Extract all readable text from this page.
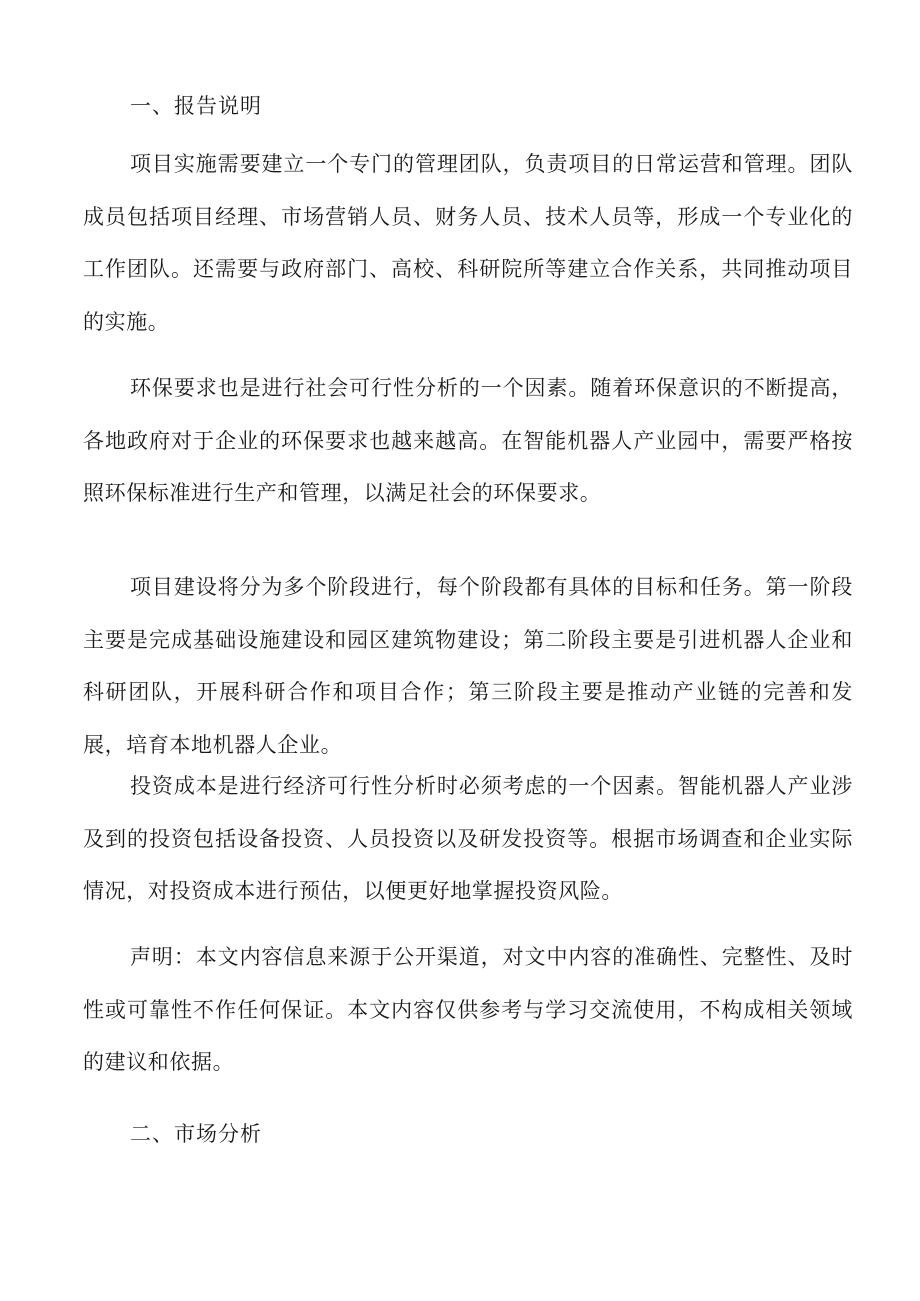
一、报告说明
项目实施需要建立一个专门的管理团队，负责项目的日常运营和管理。团队成员包括项目经理、市场营销人员、财务人员、技术人员等，形成一个专业化的工作团队。还需要与政府部门、高校、科研院所等建立合作关系，共同推动项目的实施。
环保要求也是进行社会可行性分析的一个因素。随着环保意识的不断提高，各地政府对于企业的环保要求也越来越高。在智能机器人产业园中，需要严格按照环保标准进行生产和管理，以满足社会的环保要求。
项目建设将分为多个阶段进行，每个阶段都有具体的目标和任务。第一阶段主要是完成基础设施建设和园区建筑物建设；第二阶段主要是引进机器人企业和科研团队，开展科研合作和项目合作；第三阶段主要是推动产业链的完善和发展，培育本地机器人企业。
投资成本是进行经济可行性分析时必须考虑的一个因素。智能机器人产业涉及到的投资包括设备投资、人员投资以及研发投资等。根据市场调查和企业实际情况，对投资成本进行预估，以便更好地掌握投资风险。
声明：本文内容信息来源于公开渠道，对文中内容的准确性、完整性、及时性或可靠性不作任何保证。本文内容仅供参考与学习交流使用，不构成相关领域的建议和依据。
二、市场分析
